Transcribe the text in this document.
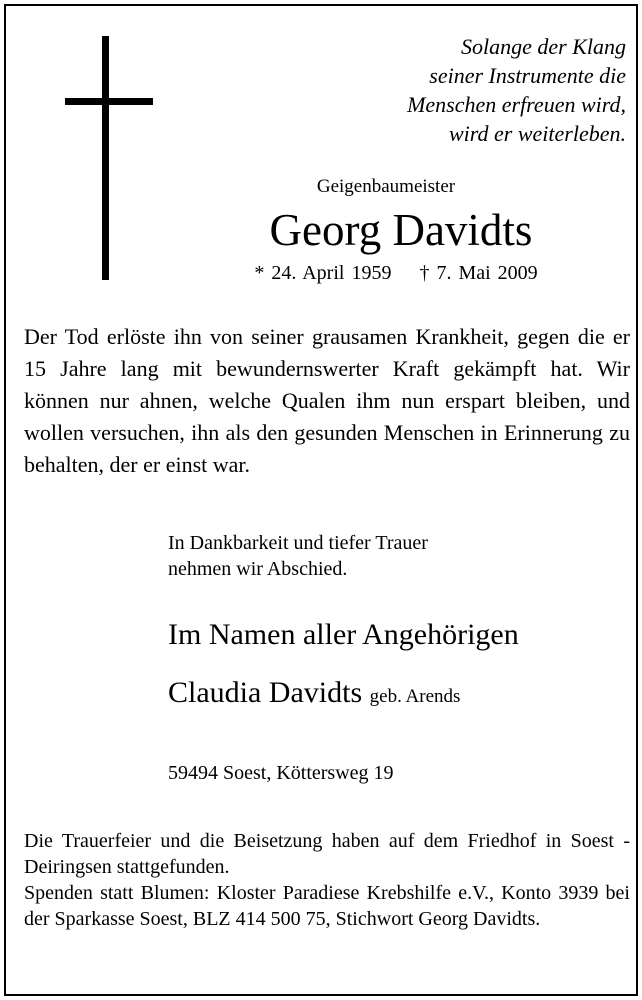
Solange der Klang
seiner Instrumente die
Menschen erfreuen wird,
wird er weiterleben.
Geigenbaumeister
Georg Davidts
* 24. April 1959 † 7. Mai 2009
Der Tod erlöste ihn von seiner grausamen Krankheit, gegen die er 15 Jahre lang mit bewundernswerter Kraft gekämpft hat. Wir können nur ahnen, welche Qualen ihm nun erspart bleiben, und wollen versuchen, ihn als den gesunden Menschen in Erinnerung zu behalten, der er einst war.
In Dankbarkeit und tiefer Trauer
nehmen wir Abschied.
Im Namen aller Angehörigen
Claudia Davidts geb. Arends
59494 Soest, Köttersweg 19

Die Trauerfeier und die Beisetzung haben auf dem Friedhof in Soest -Deiringsen stattgefunden.

Spenden statt Blumen: Kloster Paradiese Krebshilfe e.V., Konto 3939 bei der Sparkasse Soest, BLZ 414 500 75, Stichwort Georg Davidts.
